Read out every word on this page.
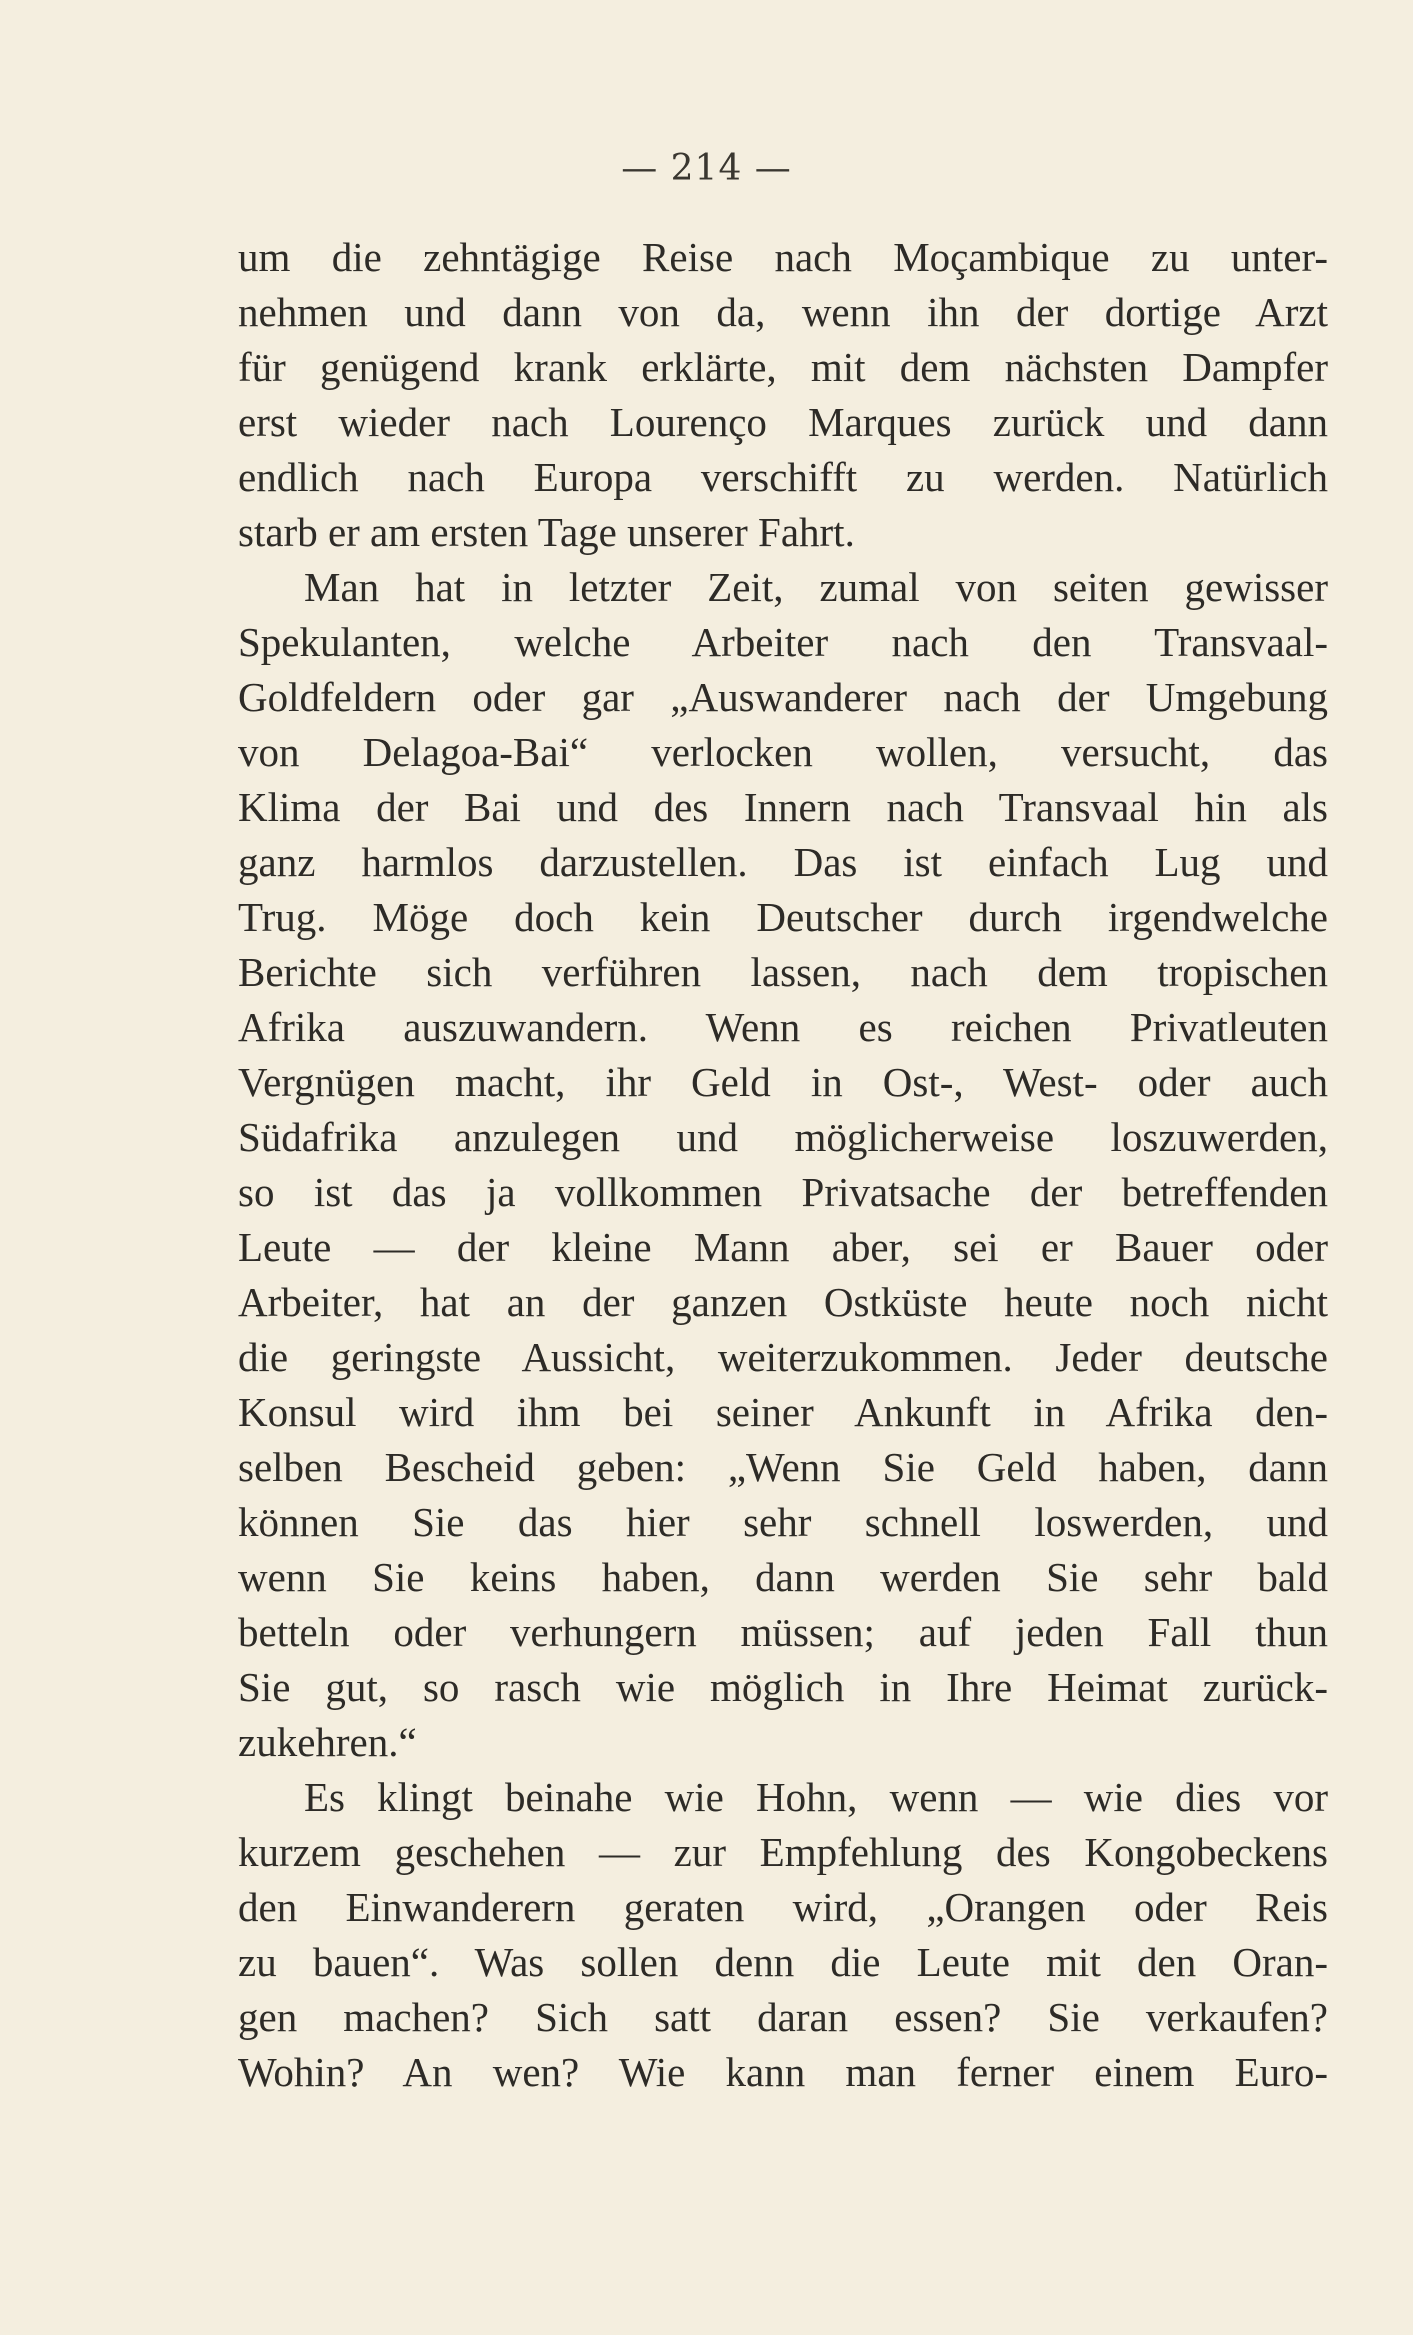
— 214 —
um die zehntägige Reise nach Moçambique zu unter-
nehmen und dann von da, wenn ihn der dortige Arzt
für genügend krank erklärte, mit dem nächsten Dampfer
erst wieder nach Lourenço Marques zurück und dann
endlich nach Europa verschifft zu werden. Natürlich
starb er am ersten Tage unserer Fahrt.
Man hat in letzter Zeit, zumal von seiten gewisser
Spekulanten, welche Arbeiter nach den Transvaal-
Goldfeldern oder gar „Auswanderer nach der Umgebung
von Delagoa-Bai“ verlocken wollen, versucht, das
Klima der Bai und des Innern nach Transvaal hin als
ganz harmlos darzustellen. Das ist einfach Lug und
Trug. Möge doch kein Deutscher durch irgendwelche
Berichte sich verführen lassen, nach dem tropischen
Afrika auszuwandern. Wenn es reichen Privatleuten
Vergnügen macht, ihr Geld in Ost-, West- oder auch
Südafrika anzulegen und möglicherweise loszuwerden,
so ist das ja vollkommen Privatsache der betreffenden
Leute — der kleine Mann aber, sei er Bauer oder
Arbeiter, hat an der ganzen Ostküste heute noch nicht
die geringste Aussicht, weiterzukommen. Jeder deutsche
Konsul wird ihm bei seiner Ankunft in Afrika den-
selben Bescheid geben: „Wenn Sie Geld haben, dann
können Sie das hier sehr schnell loswerden, und
wenn Sie keins haben, dann werden Sie sehr bald
betteln oder verhungern müssen; auf jeden Fall thun
Sie gut, so rasch wie möglich in Ihre Heimat zurück-
zukehren.“
Es klingt beinahe wie Hohn, wenn — wie dies vor
kurzem geschehen — zur Empfehlung des Kongobeckens
den Einwanderern geraten wird, „Orangen oder Reis
zu bauen“. Was sollen denn die Leute mit den Oran-
gen machen? Sich satt daran essen? Sie verkaufen?
Wohin? An wen? Wie kann man ferner einem Euro-
